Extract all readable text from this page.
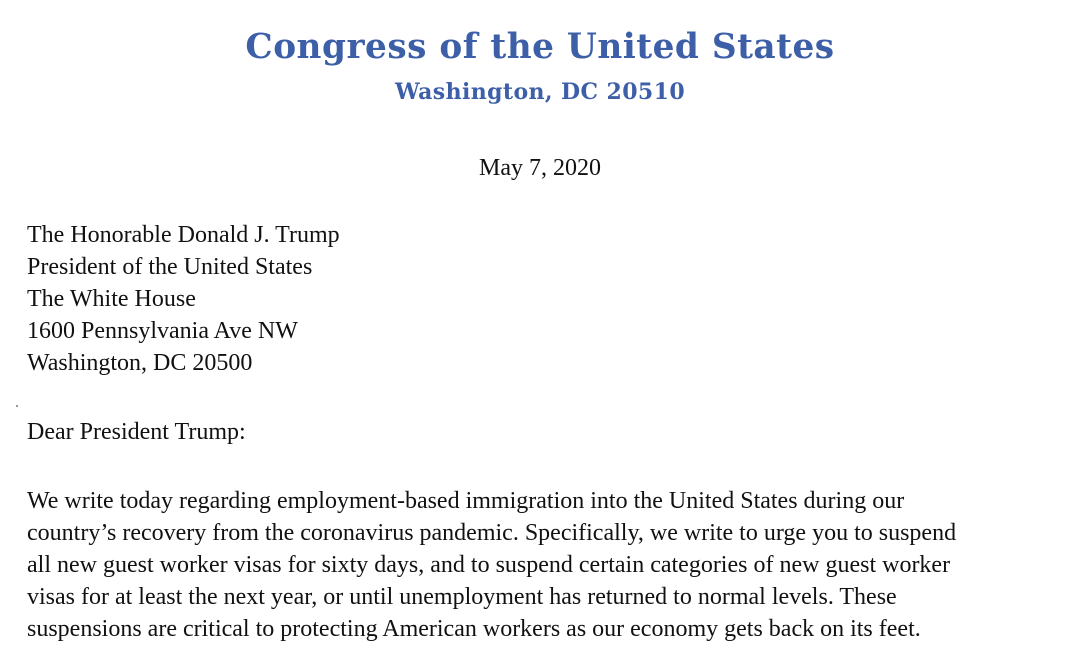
Congress of the United States
Washington, DC 20510
May 7, 2020
The Honorable Donald J. Trump
President of the United States
The White House
1600 Pennsylvania Ave NW
Washington, DC 20500
Dear President Trump:
We write today regarding employment-based immigration into the United States during our
country’s recovery from the coronavirus pandemic. Specifically, we write to urge you to suspend
all new guest worker visas for sixty days, and to suspend certain categories of new guest worker
visas for at least the next year, or until unemployment has returned to normal levels. These
suspensions are critical to protecting American workers as our economy gets back on its feet.
